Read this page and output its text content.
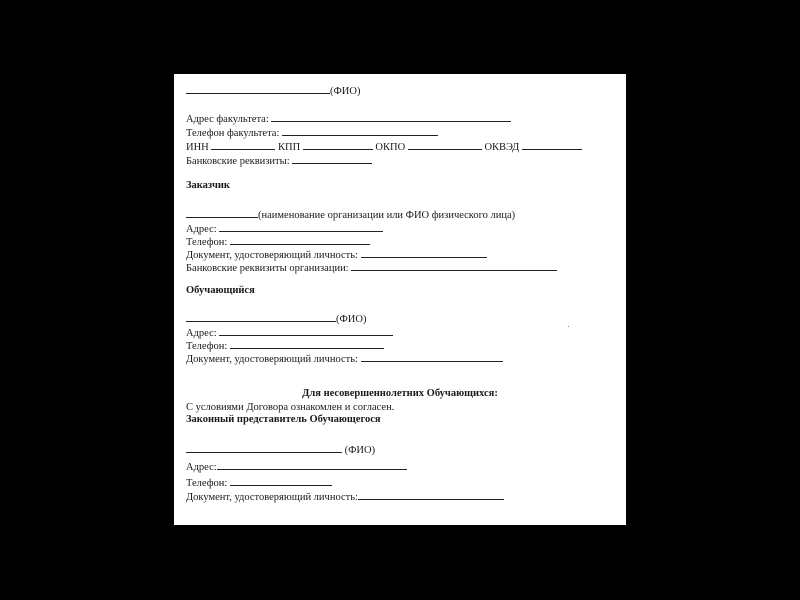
(ФИО)
Адрес факультета:
Телефон факультета:
ИНН	КПП	ОКПО	ОКВЭД
Банковские реквизиты:
Заказчик
(наименование организации или ФИО физического лица)
Адрес:
Телефон:
Документ, удостоверяющий личность:
Банковские реквизиты организации:
Обучающийся
(ФИО)
Адрес:
Телефон:
Документ, удостоверяющий личность:
Для несовершеннолетних Обучающихся:
С условиями Договора ознакомлен и согласен.
Законный представитель Обучающегося
(ФИО)
Адрес:
Телефон:
Документ, удостоверяющий личность:
